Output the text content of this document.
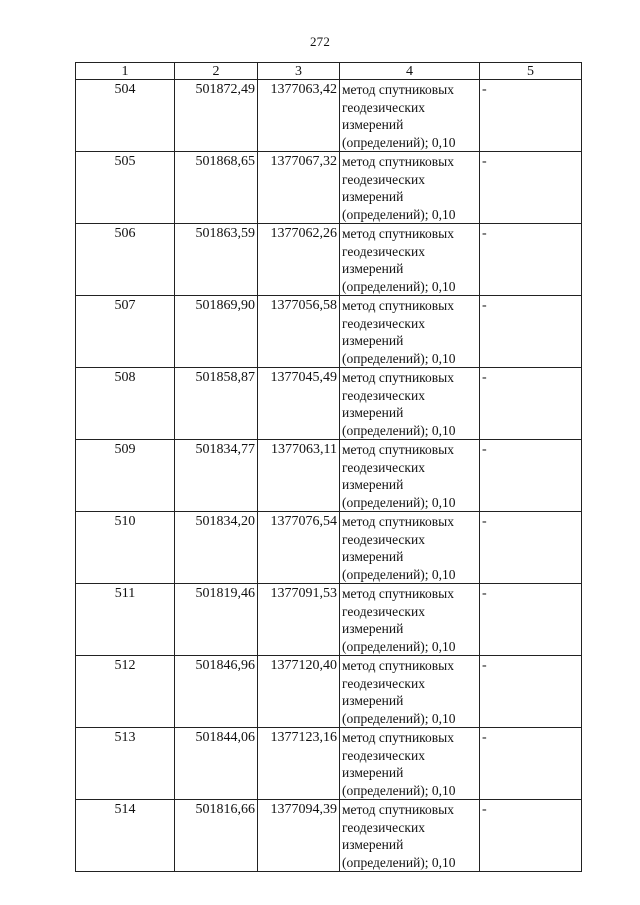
272
1	2	3	4	5
504	501872,49	1377063,42	метод спутниковых
геодезических
измерений
(определений); 0,10	-
505	501868,65	1377067,32	метод спутниковых
геодезических
измерений
(определений); 0,10	-
506	501863,59	1377062,26	метод спутниковых
геодезических
измерений
(определений); 0,10	-
507	501869,90	1377056,58	метод спутниковых
геодезических
измерений
(определений); 0,10	-
508	501858,87	1377045,49	метод спутниковых
геодезических
измерений
(определений); 0,10	-
509	501834,77	1377063,11	метод спутниковых
геодезических
измерений
(определений); 0,10	-
510	501834,20	1377076,54	метод спутниковых
геодезических
измерений
(определений); 0,10	-
511	501819,46	1377091,53	метод спутниковых
геодезических
измерений
(определений); 0,10	-
512	501846,96	1377120,40	метод спутниковых
геодезических
измерений
(определений); 0,10	-
513	501844,06	1377123,16	метод спутниковых
геодезических
измерений
(определений); 0,10	-
514	501816,66	1377094,39	метод спутниковых
геодезических
измерений
(определений); 0,10	-
